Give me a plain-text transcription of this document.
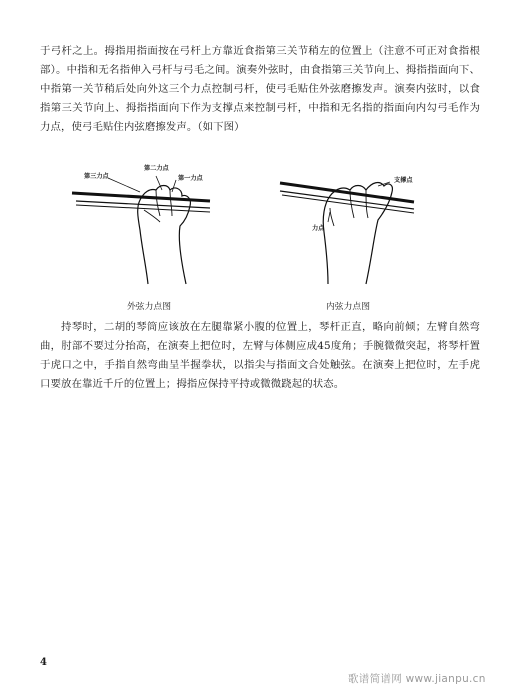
于弓杆之上。拇指用指面按在弓杆上方靠近食指第三关节稍左的位置上（注意不可正对食指根部）。中指和无名指伸入弓杆与弓毛之间。演奏外弦时，由食指第三关节向上、拇指指面向下、中指第一关节稍后处向外这三个力点控制弓杆，使弓毛贴住外弦磨擦发声。演奏内弦时，以食指第三关节向上、拇指指面向下作为支撑点来控制弓杆，中指和无名指的指面向内勾弓毛作为力点，使弓毛贴住内弦磨擦发声。（如下图）

第二力点
第三力点	第一力点	支撑点
力点
外弦力点图	内弦力点图

持琴时，二胡的琴筒应该放在左腿靠紧小腹的位置上，琴杆正直，略向前倾；左臂自然弯曲，肘部不要过分抬高，在演奏上把位时，左臂与体侧应成45度角；手腕微微突起，将琴杆置于虎口之中，手指自然弯曲呈半握拳状，以指尖与指面文合处触弦。在演奏上把位时，左手虎口要放在靠近千斤的位置上；拇指应保持平持或微微跷起的状态。

4
歌谱简谱网 www.jianpu.cn
